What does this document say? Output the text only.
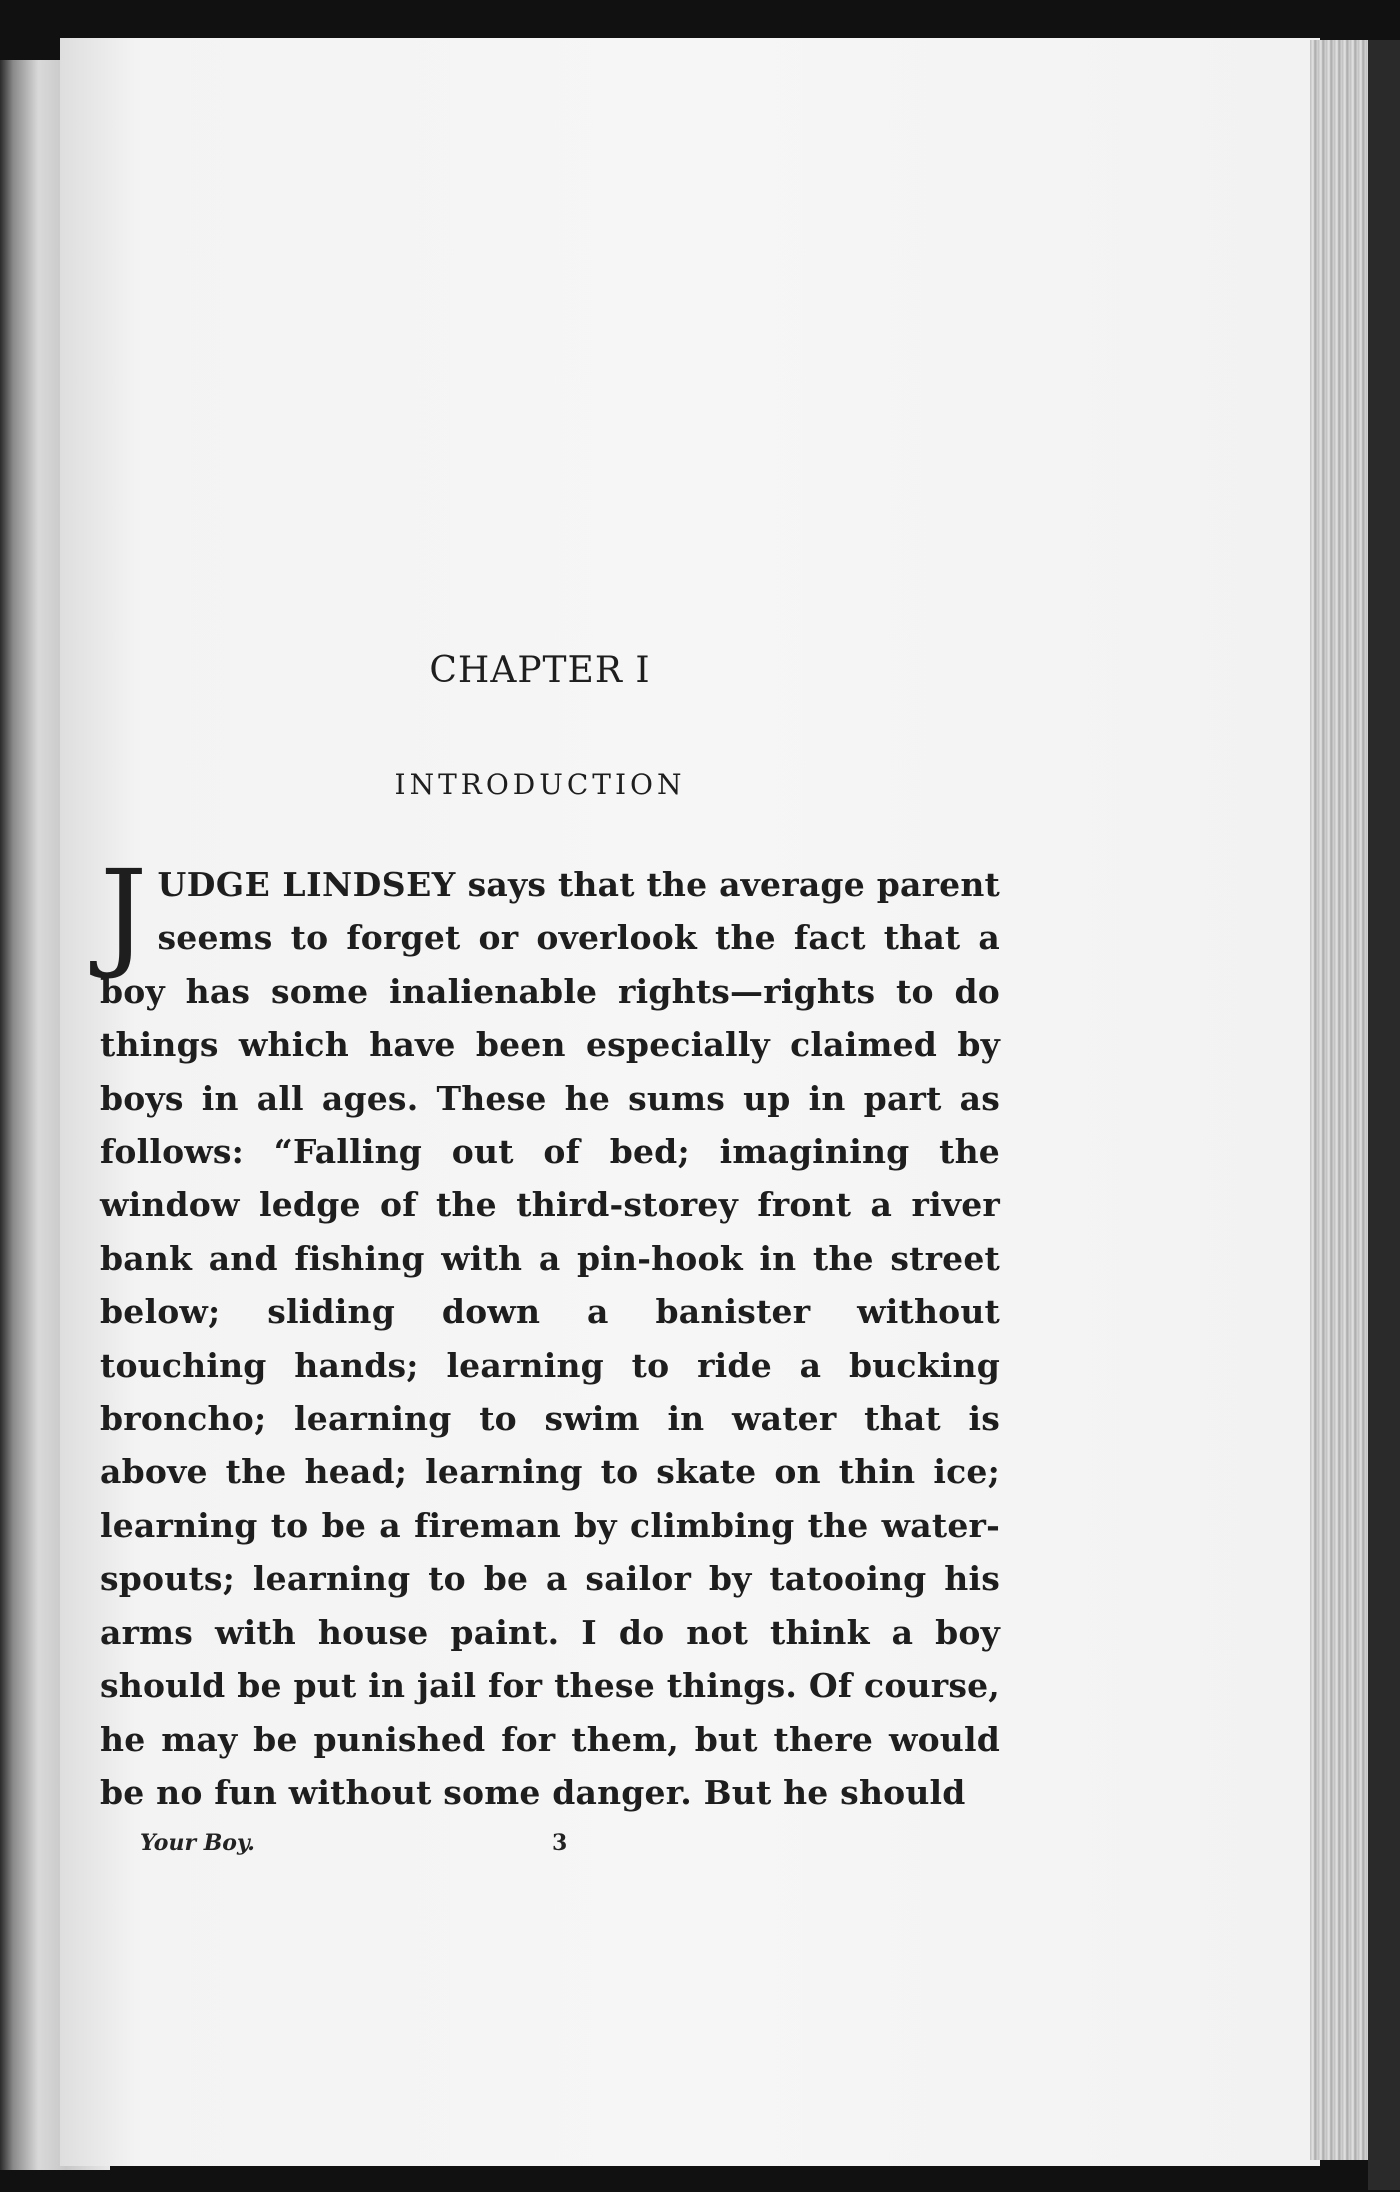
CHAPTER I
INTRODUCTION

JUDGE LINDSEY says that the average parent seems to forget or overlook the fact that a boy has some inalienable rights—rights to do things which have been especially claimed by boys in all ages. These he sums up in part as follows: “Falling out of bed; imagining the window ledge of the third-storey front a river bank and fishing with a pin-hook in the street below; sliding down a banister without touching hands; learning to ride a bucking broncho; learning to swim in water that is above the head; learning to skate on thin ice; learning to be a fireman by climbing the water-spouts; learning to be a sailor by tatooing his arms with house paint. I do not think a boy should be put in jail for these things. Of course, he may be punished for them, but there would be no fun without some danger. But he should

Your Boy.	3
